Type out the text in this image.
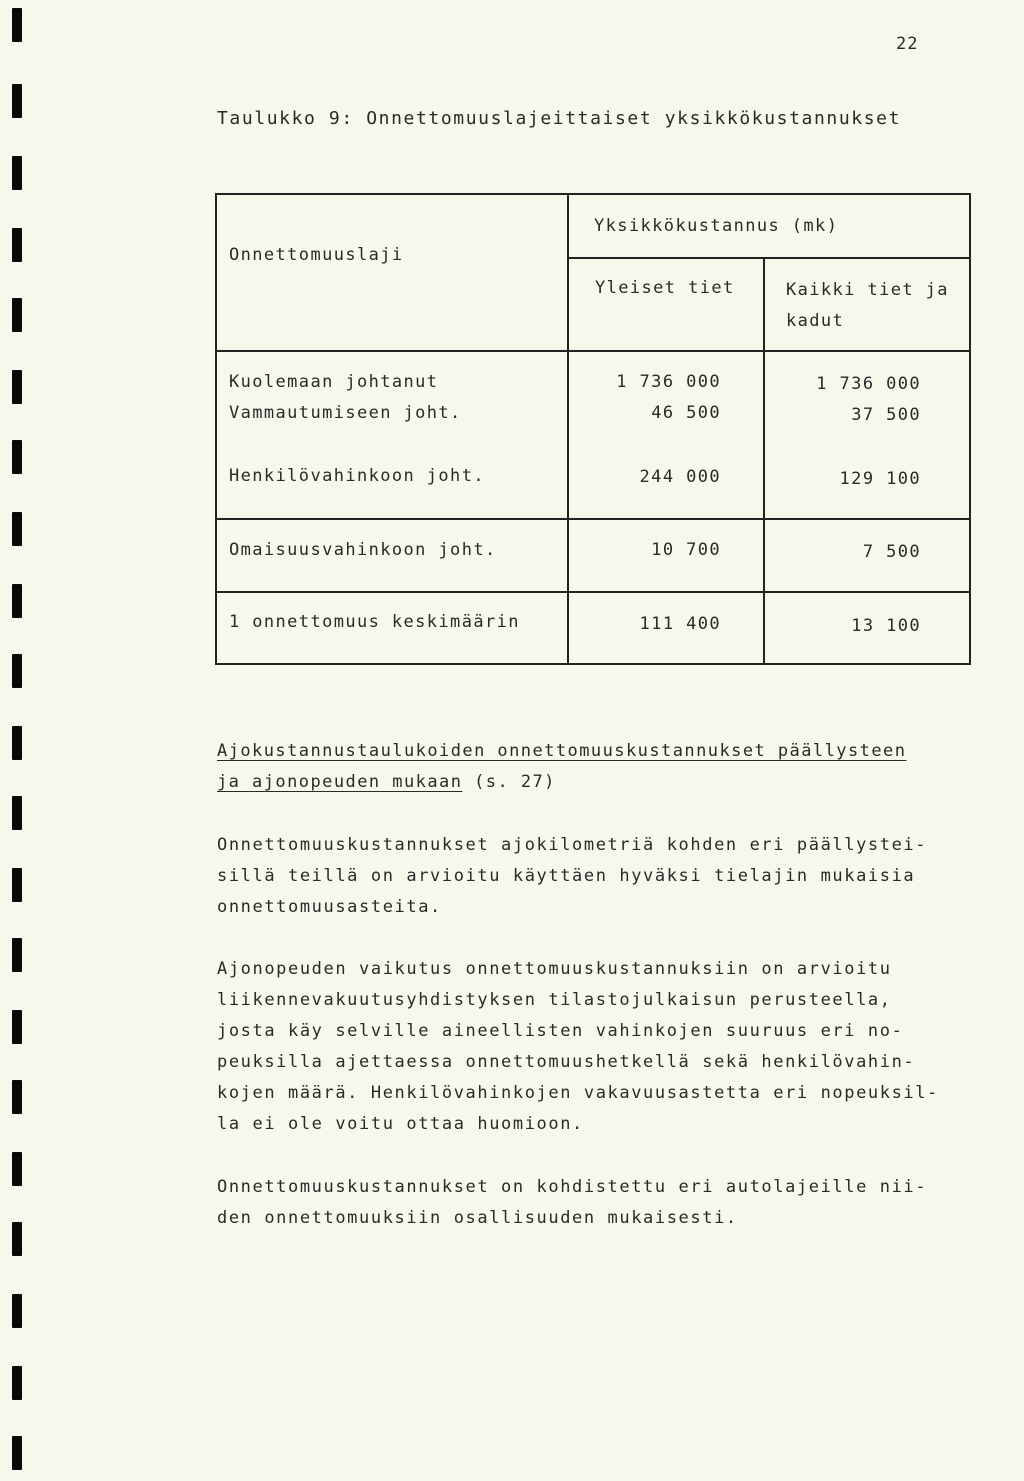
22
Taulukko 9: Onnettomuuslajeittaiset yksikkökustannukset
Onnettomuuslaji
Yksikkökustannus (mk)
Yleiset tiet	Kaikki tiet ja
kadut
Kuolemaan johtanut	1 736 000	1 736 000
Vammautumiseen joht.	46 500	37 500
Henkilövahinkoon joht.	244 000	129 100
Omaisuusvahinkoon joht.	10 700	7 500
1 onnettomuus keskimäärin	111 400	13 100
Ajokustannustaulukoiden onnettomuuskustannukset päällysteen
ja ajonopeuden mukaan (s. 27)
Onnettomuuskustannukset ajokilometriä kohden eri päällystei-
sillä teillä on arvioitu käyttäen hyväksi tielajin mukaisia
onnettomuusasteita.
Ajonopeuden vaikutus onnettomuuskustannuksiin on arvioitu
liikennevakuutusyhdistyksen tilastojulkaisun perusteella,
josta käy selville aineellisten vahinkojen suuruus eri no-
peuksilla ajettaessa onnettomuushetkellä sekä henkilövahin-
kojen määrä. Henkilövahinkojen vakavuusastetta eri nopeuksil-
la ei ole voitu ottaa huomioon.
Onnettomuuskustannukset on kohdistettu eri autolajeille nii-
den onnettomuuksiin osallisuuden mukaisesti.
